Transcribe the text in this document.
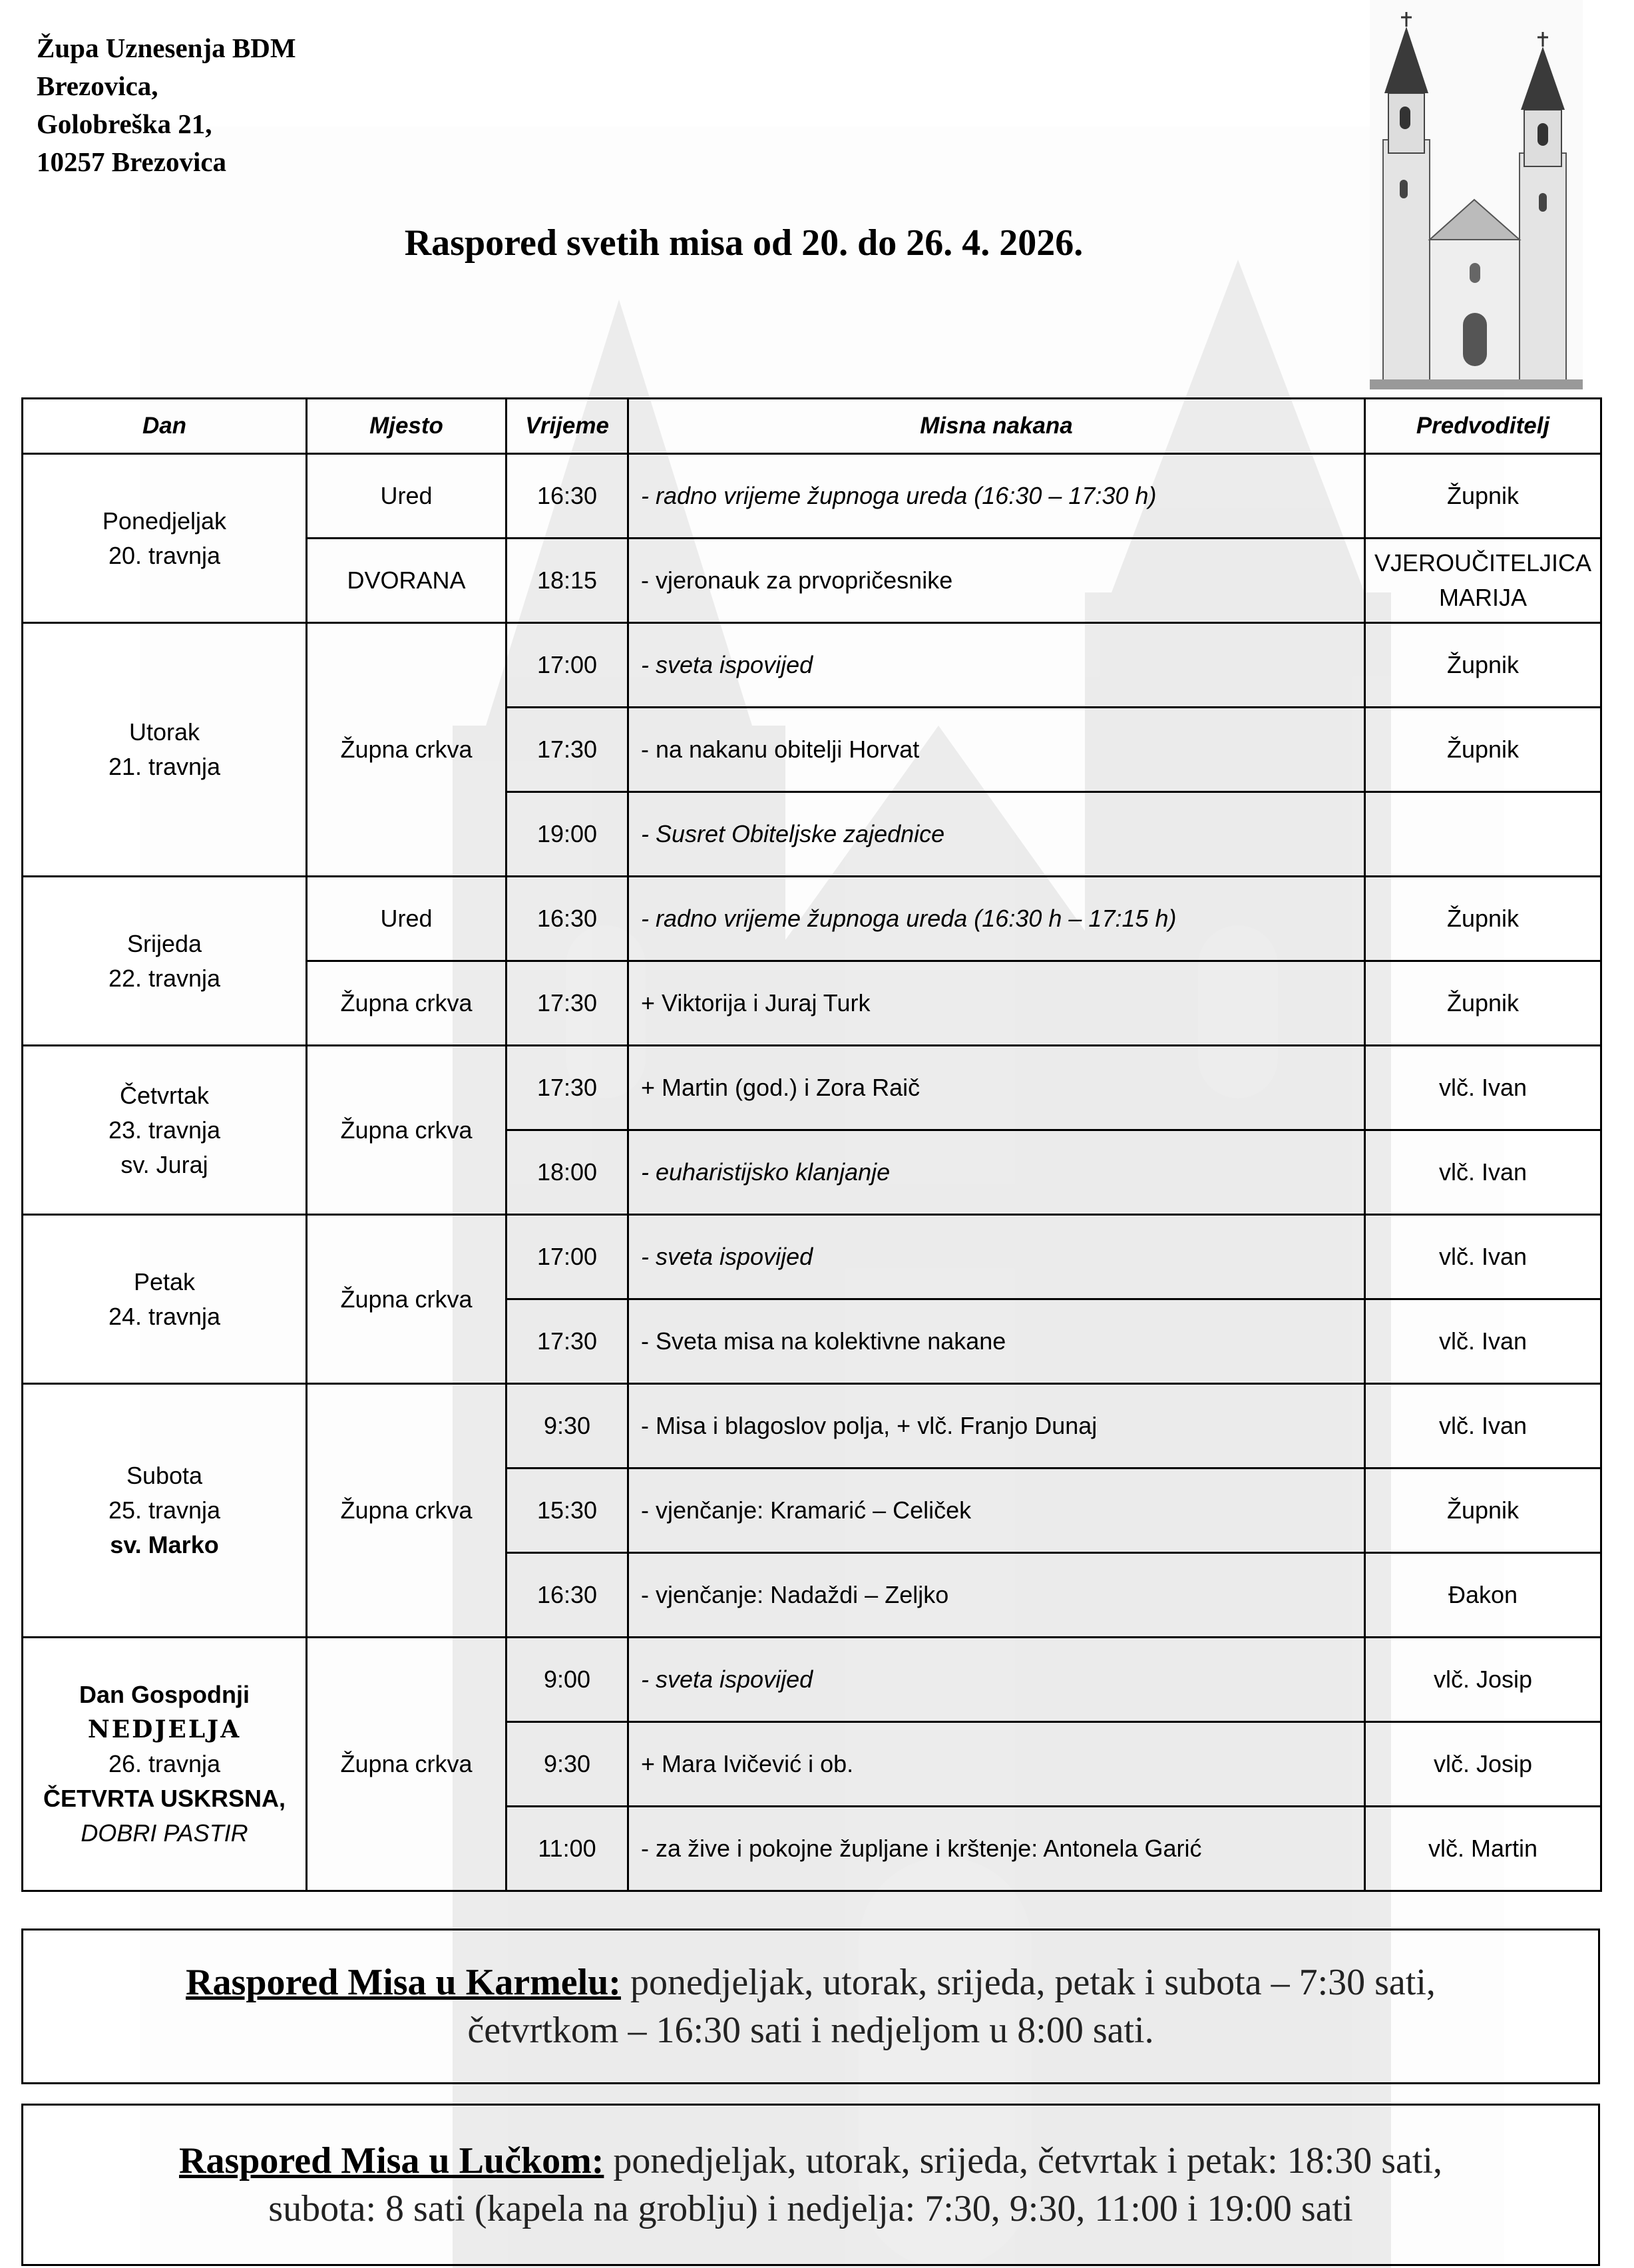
Župa Uznesenja BDM
Brezovica,
Golobreška 21,
10257 Brezovica
Raspored svetih misa od 20. do 26. 4. 2026.
Dan	Mjesto	Vrijeme	Misna nakana	Predvoditelj

Ponedjeljak
20. travnja	Ured	16:30	- radno vrijeme župnoga ureda (16:30 – 17:30 h)	Župnik
	DVORANA	18:15	- vjeronauk za prvopričesnike	VJEROUČITELJICA MARIJA

Utorak
21. travnja	Župna crkva	17:00	- sveta ispovijed	Župnik
		17:30	- na nakanu obitelji Horvat	Župnik
		19:00	- Susret Obiteljske zajednice	

Srijeda
22. travnja	Ured	16:30	- radno vrijeme župnoga ureda (16:30 h – 17:15 h)	Župnik
	Župna crkva	17:30	+ Viktorija i Juraj Turk	Župnik

Četvrtak
23. travnja
sv. Juraj	Župna crkva	17:30	+ Martin (god.) i Zora Raič	vlč. Ivan
		18:00	- euharistijsko klanjanje	vlč. Ivan

Petak
24. travnja	Župna crkva	17:00	- sveta ispovijed	vlč. Ivan
		17:30	- Sveta misa na kolektivne nakane	vlč. Ivan

Subota
25. travnja
sv. Marko	Župna crkva	9:30	- Misa i blagoslov polja, + vlč. Franjo Dunaj	vlč. Ivan
		15:30	- vjenčanje: Kramarić – Celiček	Župnik
		16:30	- vjenčanje: Nadaždi – Zeljko	Đakon

Dan Gospodnji
NEDJELJA
26. travnja
ČETVRTA USKRSNA,
DOBRI PASTIR	Župna crkva	9:00	- sveta ispovijed	vlč. Josip
		9:30	+ Mara Ivičević i ob.	vlč. Josip
		11:00	- za žive i pokojne župljane i krštenje: Antonela Garić	vlč. Martin
Raspored Misa u Karmelu: ponedjeljak, utorak, srijeda, petak i subota – 7:30 sati,
četvrtkom – 16:30 sati i nedjeljom u 8:00 sati.
Raspored Misa u Lučkom: ponedjeljak, utorak, srijeda, četvrtak i petak: 18:30 sati,
subota: 8 sati (kapela na groblju) i nedjelja: 7:30, 9:30, 11:00 i 19:00 sati
